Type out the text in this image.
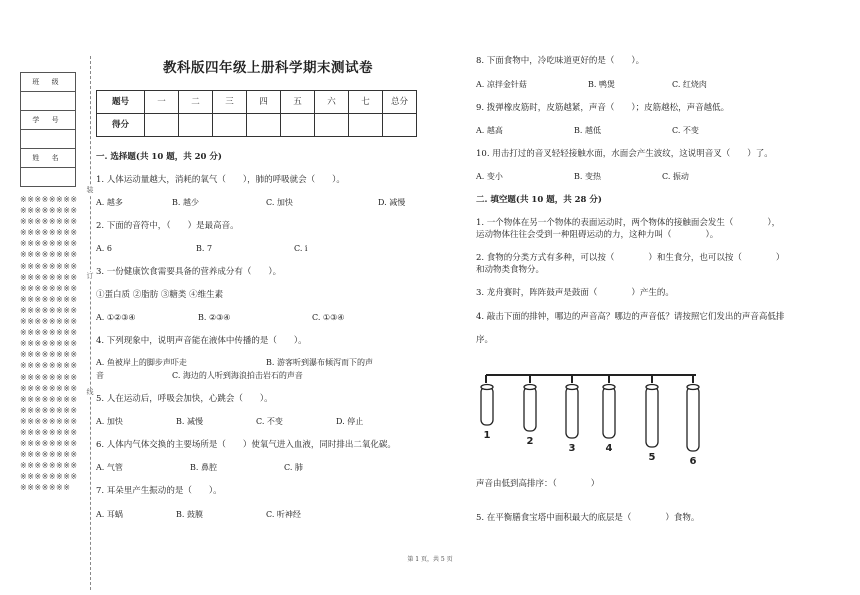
班 级

学 号

姓 名

※※※※※※※※※※※※※※※※※※※※※※※※※※※※※※※※※※※※※※※※※※※※※※※※※※※※※※※※※※※※※※※※※※※※※※※※※※※※※※※※※※※※※※※※※※※※※※※※※※※※※※※※※※※※※※※※※※※※※※※※※※※※※※※※※※※※※※※※※※※※※※※※※※※※※※※※※※※※※※※※※※※※※※※※※※※※※※※※※※※※※※※※※※※※※※※※※※※※※※※※※※※※※※※※※※※※※※※
装
订
线
教科版四年级上册科学期末测试卷
题号	一	二	三	四	五	六	七	总分
得分								
一. 选择题(共 10 题，共 20 分)
1. 人体运动量越大，消耗的氧气（　　），肺的呼吸就会（　　）。
A. 越多	B. 越少	C. 加快	D. 减慢
2. 下面的音符中，（　　）是最高音。
A. 6	B. 7	C. i
3. 一份健康饮食需要具备的营养成分有（　　）。
①蛋白质 ②脂肪 ③糖类 ④维生素
A. ①②③④	B. ②③④	C. ①③④
4. 下列现象中，说明声音能在液体中传播的是（　　）。
A. 鱼被岸上的脚步声吓走	B. 游客听到瀑布倾泻而下的声
音	C. 海边的人听到海浪拍击岩石的声音
5. 人在运动后，呼吸会加快，心跳会（　　）。
A. 加快	B. 减慢	C. 不变	D. 停止
6. 人体内气体交换的主要场所是（　　）使氧气进入血液，同时排出二氧化碳。
A. 气管	B. 鼻腔	C. 肺
7. 耳朵里产生振动的是（　　）。
A. 耳蜗	B. 鼓膜	C. 听神经
8. 下面食物中，冷吃味道更好的是（　　）。
A. 凉拌金针菇	B. 鸭煲	C. 红烧肉
9. 拨弹橡皮筋时，皮筋越紧，声音（　　）；皮筋越松，声音越低。
A. 越高	B. 越低	C. 不变
10. 用击打过的音叉轻轻接触水面，水面会产生波纹，这说明音叉（　　）了。
A. 变小	B. 变热	C. 振动
二. 填空题(共 10 题，共 28 分)
1. 一个物体在另一个物体的表面运动时，两个物体的接触面会发生（　　　　），
运动物体往往会受到一种阻碍运动的力，这种力叫（　　　　）。
2. 食物的分类方式有多种，可以按（　　　　）和生食分，也可以按（　　　　）
和动物类食物分。
3. 龙舟赛时，阵阵鼓声是鼓面（　　　　）产生的。
4. 敲击下面的排钟，哪边的声音高？哪边的声音低？请按照它们发出的声音高低排
序。
1
2
3	4
5	6
声音由低到高排序：（　　　　）
5. 在平衡膳食宝塔中面积最大的底层是（　　　　）食物。
第 1 页，共 5 页
